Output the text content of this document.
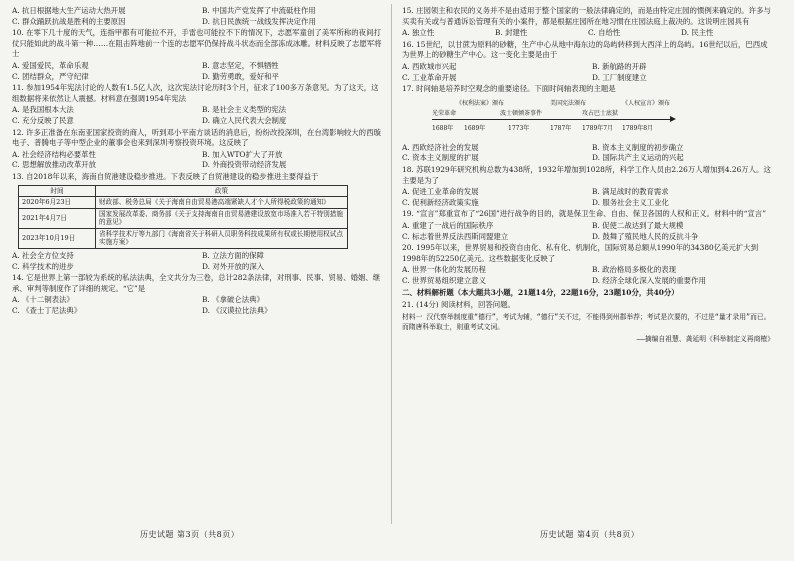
A. 抗日根据地大生产运动大热开展	B. 中国共产党发挥了中流砥柱作用
C. 群众踊跃抗战是胜利的主要原因	D. 抗日民族统一战线发挥决定作用
10. 在零下几十度的天气，连指甲都有可能拉不开，手雷也可能拉不下的情况下，志愿军童创了美军所称的夜间打仗只能如此的战斗第一种……在阻击阵地前一个连的志愿军仍保持战斗状态而全部冻成冰雕。材料反映了志愿军将士
A. 爱国爱民，革命乐观	B. 意志坚定，不惧牺牲
C. 团结群众，严守纪律	D. 勤劳勇敢，爱好和平
11. 参加1954年宪法讨论的人数有1.5亿人次，这次宪法讨论历时3个月，征求了100多万条意见。为了这天，这组数据将来依然让人震撼。材料意在强调1954年宪法
A. 是我国根本大法	B. 是社会主义类型的宪法
C. 充分反映了民意	D. 确立人民代表大会制度
12. 许多正准备在东南亚国家投资的商人，听到邓小平南方谈话的消息后，纷纷改投深圳，在台湾影响较大的西璇电子、普腾电子等中型企业的董事会也来到深圳考察投资环境。这反映了
A. 社会经济结构必要革性	B. 加入WTO扩大了开放
C. 思想解放推动改革开放	D. 外商投资带动经济发展
13. 自2018年以来，海南自贸港建设稳步推进。下表反映了自贸港建设的稳步推进主要得益于
时间	政策
2020年6月23日	财政部、税务总局《关于海南自由贸易港高端紧缺人才个人所得税政策的通知》
2021年4月7日	国家发展改革委、商务部《关于支持海南自由贸易港建设放宽市场准入若干特别措施的意见》
2023年10月19日	省科学技术厅等九部门《海南省关于科研人员职务科技成果所有权或长期使用权试点实施方案》
A. 社会全方位支持	B. 立法方面的保障
C. 科学技术的进步	D. 对外开放的深入
14. 它是世界上第一部较为系统的私法法典，全文共分为三卷，总计282条法律，对刑事、民事、贸易、婚姻、继承、审判等制度作了详细的规定。“它”是
A. 《十二铜表法》	B. 《拿破仑法典》
C. 《查士丁尼法典》	D. 《汉谟拉比法典》
15. 庄园领主和农民的义务并不是由适用于整个国家的一般法律确定的，而是由特定庄园的惯例来确定的。许多与买卖有关或与普通诉讼管理有关的小案件，都是根据庄园所在地习惯在庄园法庭上裁决的。这说明庄园具有
A. 独立性	B. 封建性	C. 自给性	D. 民主性
16. 15世纪，以甘蔗为原料的砂糖，生产中心从地中海东边的岛屿转移到大西洋上的岛屿。16世纪以后，巴西成为世界上的砂糖生产中心。这一变化主要是由于
A. 西欧城市兴起	B. 新航路的开辟
C. 工业革命开展	D. 工厂制度建立
17. 时间轴是培养时空观念的重要途径。下面时间轴表现的主题是
光荣革命
《权利法案》颁布
波士顿倾茶事件
美国宪法颁布
攻占巴士底狱
《人权宣言》颁布
1688年 1689年	1773年	1787年 1789年7月 1789年8月
A. 西欧经济社会的发展	B. 资本主义制度的初步确立
C. 资本主义制度的扩展	D. 国际共产主义运动的兴起
18. 苏联1929年研究机构总数为438所，1932年增加到1028所，科学工作人员由2.26万人增加到4.26万人。这主要是为了
A. 促进工业革命的发展	B. 满足战时的教育需求
C. 促利新经济政策实施	D. 服务社会主义工业化
19. “宣言”郑重宣布了“26国”进行战争的目的，就是保卫生命、自由、保卫各国的人权和正义。材料中的“宣言”
A. 重建了一战后的国际秩序	B. 促使二战达到了最大规模
C. 标志着世界反法西斯同盟建立	D. 鼓舞了殖民地人民的反抗斗争
20. 1995年以来，世界贸易和投资自由化、私有化、机制化，国际贸易总额从1990年的34380亿美元扩大到1998年的52250亿美元。这些数据变化反映了
A. 世界一体化的发展历程	B. 政治格局多极化的表现
C. 世界贸易组织建立意义	D. 经济全球化深入发展的重要作用
二、材料解析题（本大题共3小题，21题14分，22题16分，23题10分，共40分）
21. (14分) 阅读材料，回答问题。
材料一 汉代察举制度重“德行”，考试为辅，“德行”关不过，不能得到州郡举荐；考试是次要的，不过是“量才录用”而已。而隋唐科举取士，则重考试文词。
——摘编自祖慧、龚延明《科举制定义再商榷》
历史试题 第3页（共8页）	历史试题 第4页（共8页）
